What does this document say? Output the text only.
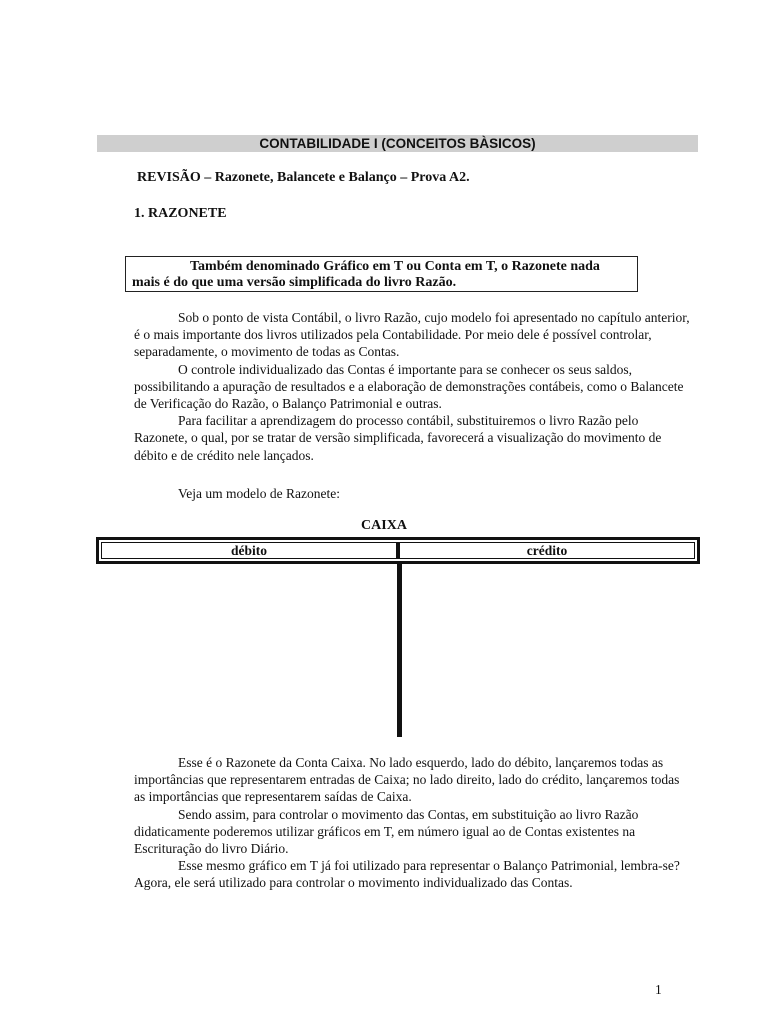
CONTABILIDADE I (CONCEITOS BÀSICOS)
REVISÃO – Razonete, Balancete e Balanço – Prova A2.
1. RAZONETE
Também denominado Gráfico em T ou Conta em T, o Razonete nada
mais é do que uma versão simplificada do livro Razão.

Sob o ponto de vista Contábil, o livro Razão, cujo modelo foi apresentado no capítulo anterior, é o mais importante dos livros utilizados pela Contabilidade. Por meio dele é possível controlar, separadamente, o movimento de todas as Contas.

O controle individualizado das Contas é importante para se conhecer os seus saldos, possibilitando a apuração de resultados e a elaboração de demonstrações contábeis, como o Balancete de Verificação do Razão, o Balanço Patrimonial e outras.

Para facilitar a aprendizagem do processo contábil, substituiremos o livro Razão pelo Razonete, o qual, por se tratar de versão simplificada, favorecerá a visualização do movimento de débito e de crédito nele lançados.

Veja um modelo de Razonete:
CAIXA
débito	crédito

Esse é o Razonete da Conta Caixa. No lado esquerdo, lado do débito, lançaremos todas as importâncias que representarem entradas de Caixa; no lado direito, lado do crédito, lançaremos todas as importâncias que representarem saídas de Caixa.

Sendo assim, para controlar o movimento das Contas, em substituição ao livro Razão didaticamente poderemos utilizar gráficos em T, em número igual ao de Contas existentes na Escrituração do livro Diário.

Esse mesmo gráfico em T já foi utilizado para representar o Balanço Patrimonial, lembra-se? Agora, ele será utilizado para controlar o movimento individualizado das Contas.

1
